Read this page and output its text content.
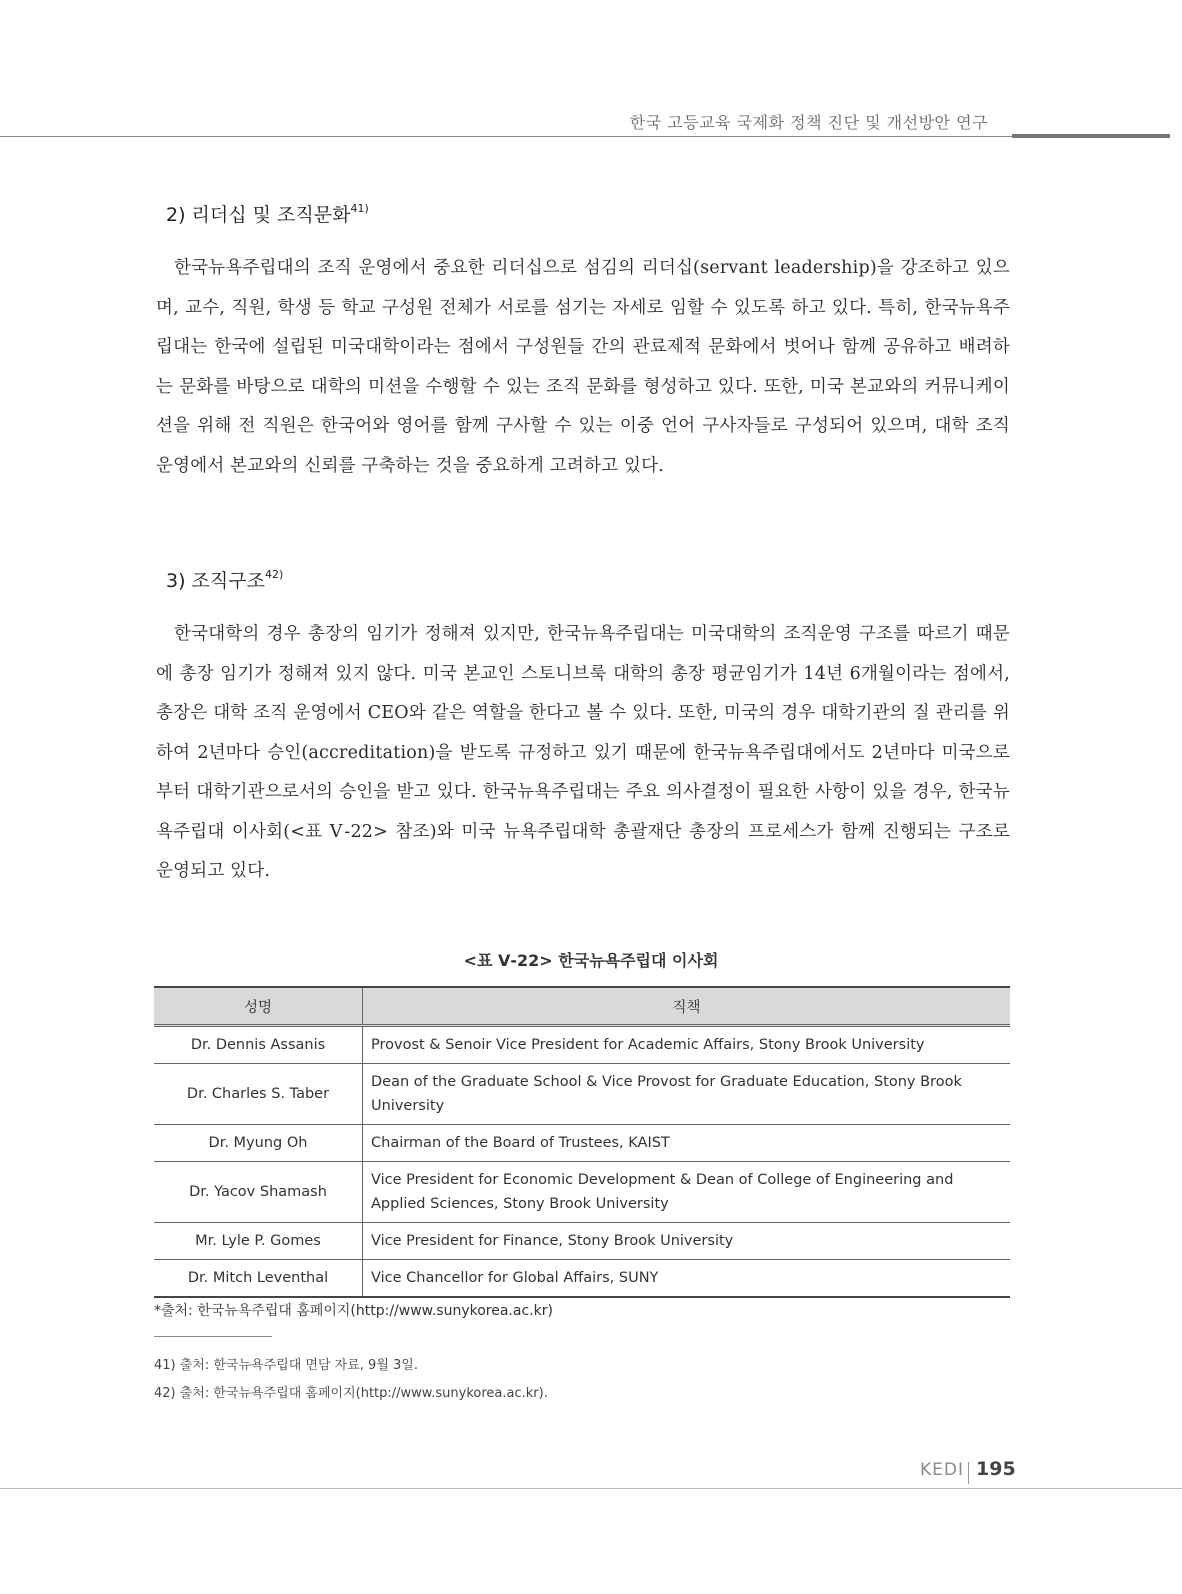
한국 고등교육 국제화 정책 진단 및 개선방안 연구
2) 리더십 및 조직문화$^{41)}$
한국뉴욕주립대의 조직 운영에서 중요한 리더십으로 섬김의 리더십(servant leadership)을 강조하고 있으며, 교수, 직원, 학생 등 학교 구성원 전체가 서로를 섬기는 자세로 임할 수 있도록 하고 있다. 특히, 한국뉴욕주립대는 한국에 설립된 미국대학이라는 점에서 구성원들 간의 관료제적 문화에서 벗어나 함께 공유하고 배려하는 문화를 바탕으로 대학의 미션을 수행할 수 있는 조직 문화를 형성하고 있다. 또한, 미국 본교와의 커뮤니케이션을 위해 전 직원은 한국어와 영어를 함께 구사할 수 있는 이중 언어 구사자들로 구성되어 있으며, 대학 조직 운영에서 본교와의 신뢰를 구축하는 것을 중요하게 고려하고 있다.
3) 조직구조$^{42)}$
한국대학의 경우 총장의 임기가 정해져 있지만, 한국뉴욕주립대는 미국대학의 조직운영 구조를 따르기 때문에 총장 임기가 정해져 있지 않다. 미국 본교인 스토니브룩 대학의 총장 평균임기가 14년 6개월이라는 점에서, 총장은 대학 조직 운영에서 CEO와 같은 역할을 한다고 볼 수 있다. 또한, 미국의 경우 대학기관의 질 관리를 위하여 2년마다 승인(accreditation)을 받도록 규정하고 있기 때문에 한국뉴욕주립대에서도 2년마다 미국으로부터 대학기관으로서의 승인을 받고 있다. 한국뉴욕주립대는 주요 의사결정이 필요한 사항이 있을 경우, 한국뉴욕주립대 이사회(<표 Ⅴ-22> 참조)와 미국 뉴욕주립대학 총괄재단 총장의 프로세스가 함께 진행되는 구조로 운영되고 있다.
<표 Ⅴ-22> 한국뉴욕주립대 이사회
성명	직책
Dr. Dennis Assanis	Provost & Senoir Vice President for Academic Affairs, Stony Brook University
Dr. Charles S. Taber	Dean of the Graduate School & Vice Provost for Graduate Education, Stony Brook University
Dr. Myung Oh	Chairman of the Board of Trustees, KAIST
Dr. Yacov Shamash	Vice President for Economic Development & Dean of College of Engineering and Applied Sciences, Stony Brook University
Mr. Lyle P. Gomes	Vice President for Finance, Stony Brook University
Dr. Mitch Leventhal	Vice Chancellor for Global Affairs, SUNY
*출처: 한국뉴욕주립대 홈페이지(http://www.sunykorea.ac.kr)
41) 출처: 한국뉴욕주립대 면담 자료, 9월 3일.
42) 출처: 한국뉴욕주립대 홈페이지(http://www.sunykorea.ac.kr).
KEDI 195
